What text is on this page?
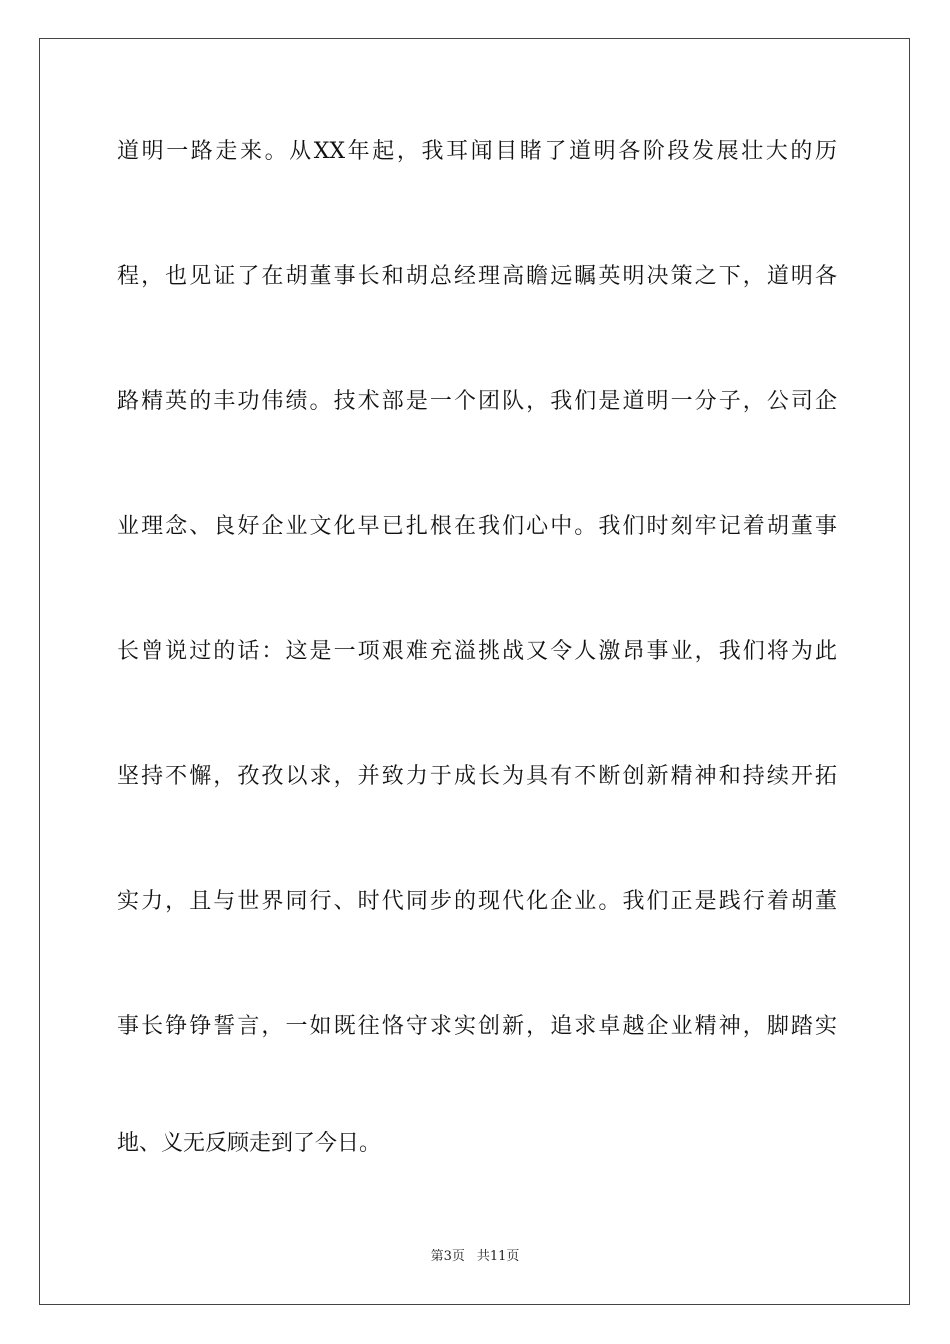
道明一路走来。从XX年起，我耳闻目睹了道明各阶段发展壮大的历
程，也见证了在胡董事长和胡总经理高瞻远瞩英明决策之下，道明各
路精英的丰功伟绩。技术部是一个团队，我们是道明一分子，公司企
业理念、良好企业文化早已扎根在我们心中。我们时刻牢记着胡董事
长曾说过的话：这是一项艰难充溢挑战又令人激昂事业，我们将为此
坚持不懈，孜孜以求，并致力于成长为具有不断创新精神和持续开拓
实力，且与世界同行、时代同步的现代化企业。我们正是践行着胡董
事长铮铮誓言，一如既往恪守求实创新，追求卓越企业精神，脚踏实
地、义无反顾走到了今日。
第3页 共11页
